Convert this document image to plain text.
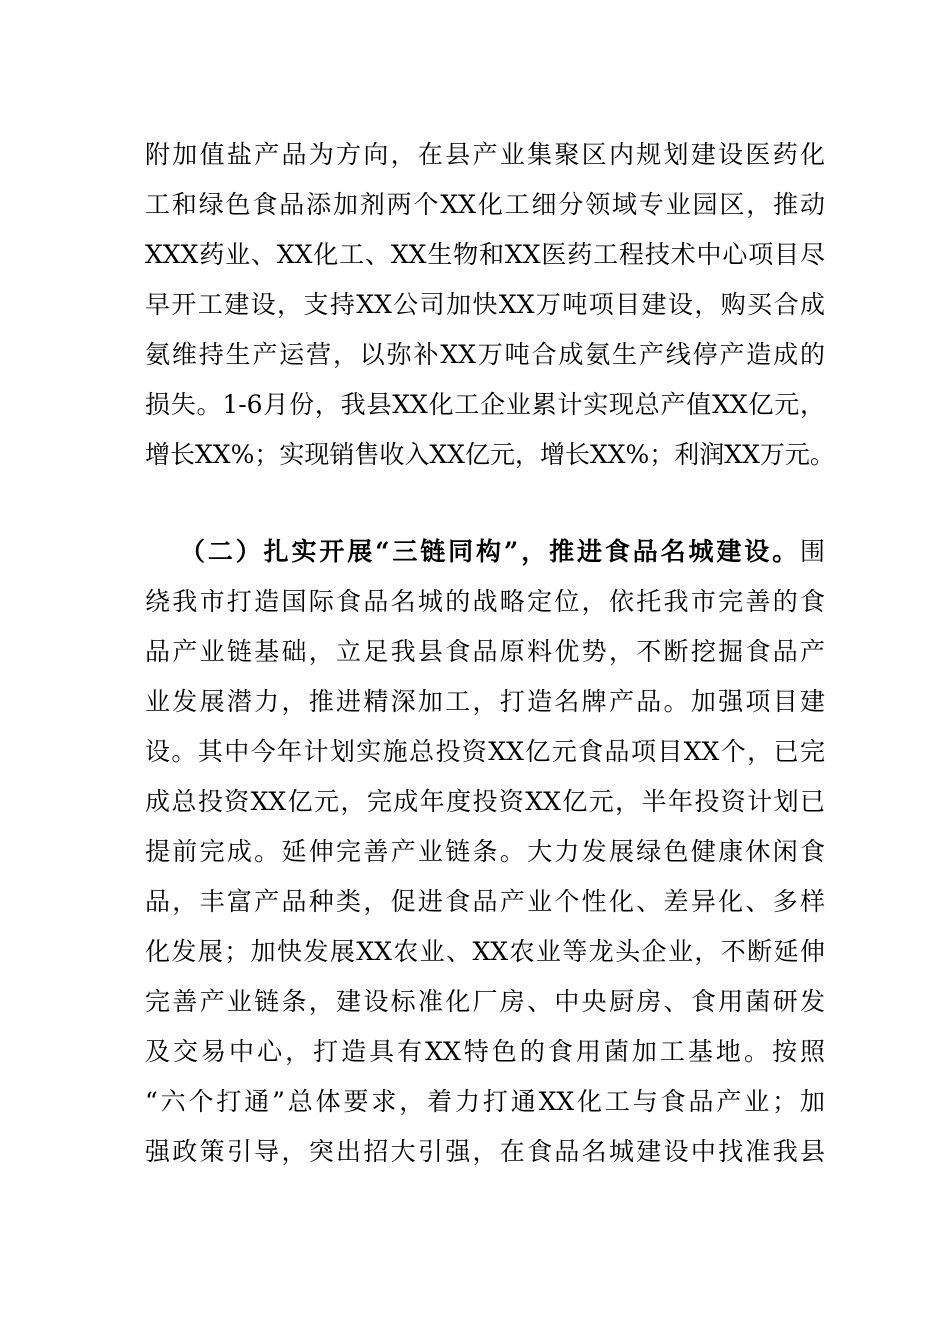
附加值盐产品为方向，在县产业集聚区内规划建设医药化
工和绿色食品添加剂两个XX化工细分领域专业园区，推动
XXX药业、XX化工、XX生物和XX医药工程技术中心项目尽
早开工建设，支持XX公司加快XX万吨项目建设，购买合成
氨维持生产运营，以弥补XX万吨合成氨生产线停产造成的
损失。1-6月份，我县XX化工企业累计实现总产值XX亿元，
增长XX%；实现销售收入XX亿元，增长XX%；利润XX万元。
（二）扎实开展“三链同构”，推进食品名城建设。围
绕我市打造国际食品名城的战略定位，依托我市完善的食
品产业链基础，立足我县食品原料优势，不断挖掘食品产
业发展潜力，推进精深加工，打造名牌产品。加强项目建
设。其中今年计划实施总投资XX亿元食品项目XX个，已完
成总投资XX亿元，完成年度投资XX亿元，半年投资计划已
提前完成。延伸完善产业链条。大力发展绿色健康休闲食
品，丰富产品种类，促进食品产业个性化、差异化、多样
化发展；加快发展XX农业、XX农业等龙头企业，不断延伸
完善产业链条，建设标准化厂房、中央厨房、食用菌研发
及交易中心，打造具有XX特色的食用菌加工基地。按照
“六个打通”总体要求，着力打通XX化工与食品产业；加
强政策引导，突出招大引强，在食品名城建设中找准我县
